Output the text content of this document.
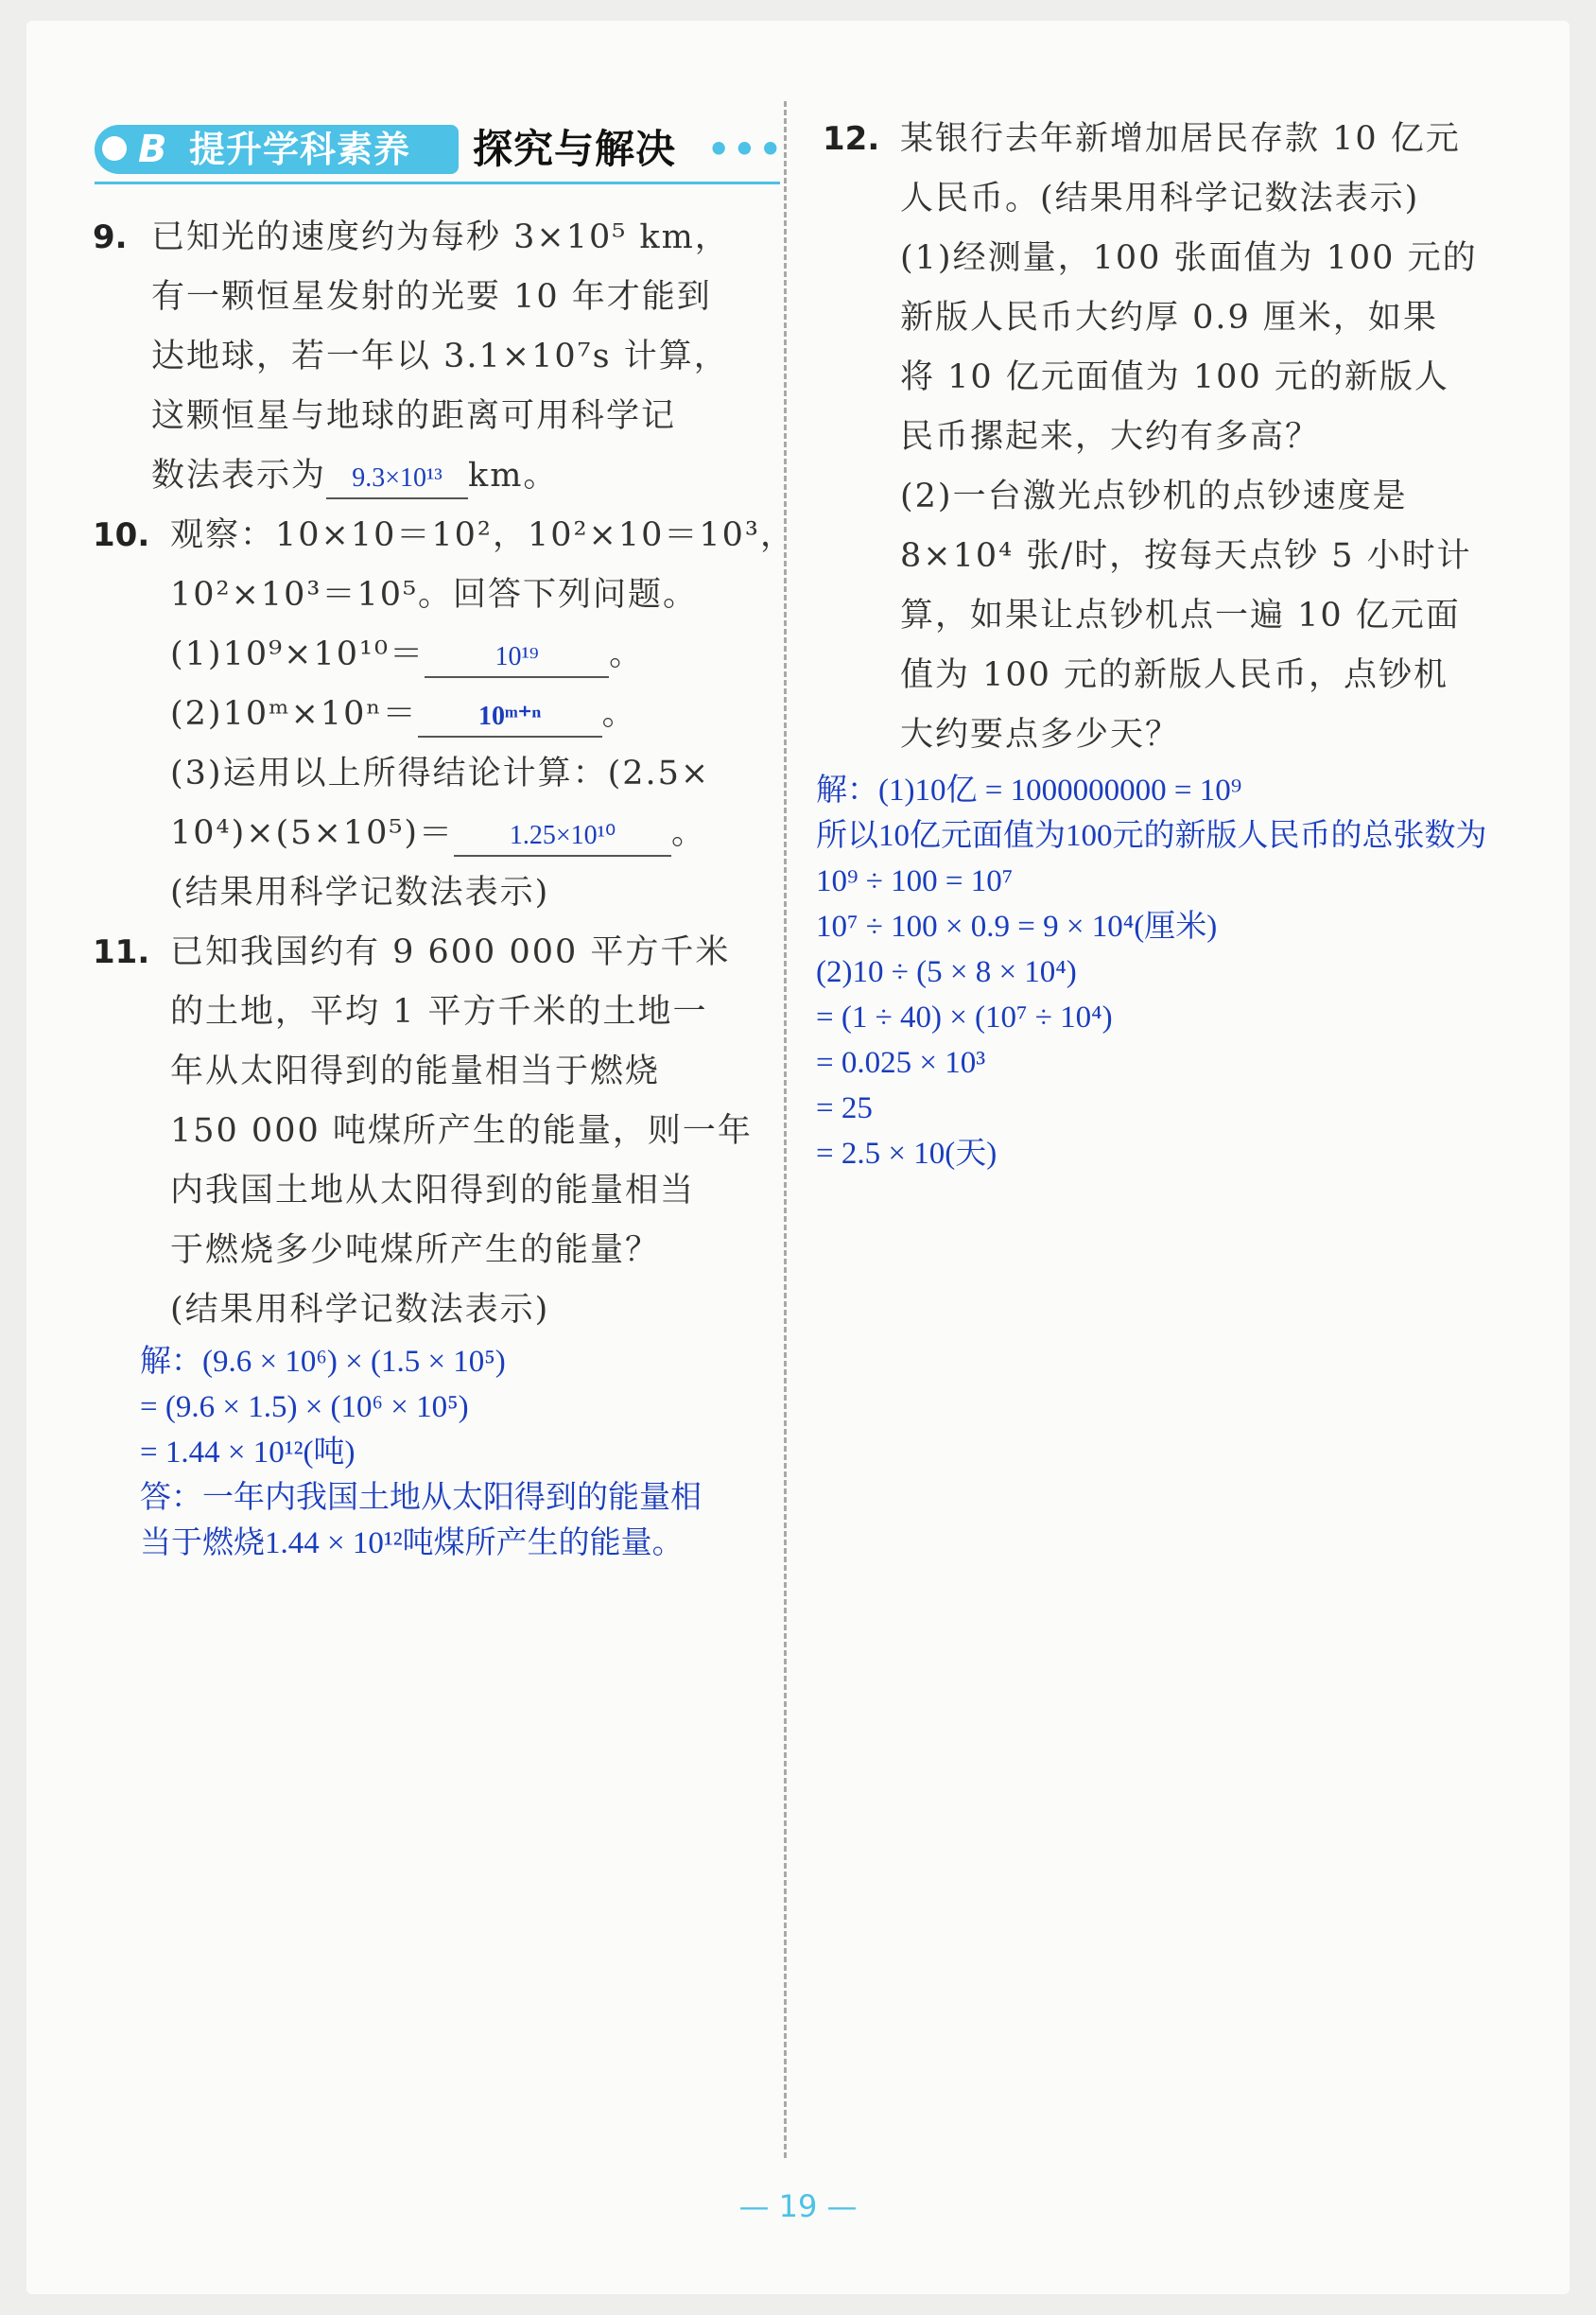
B 提升学科素养 探究与解决 •••
9. 已知光的速度约为每秒 3×10⁵ km，
有一颗恒星发射的光要 10 年才能到
达地球，若一年以 3.1×10⁷s 计算，
这颗恒星与地球的距离可用科学记
数法表示为 9.3×10¹³ km。
10. 观察：10×10＝10²，10²×10＝10³，
10²×10³＝10⁵。回答下列问题。
(1)10⁹×10¹⁰＝	10¹⁹ 。
(2)10ᵐ×10ⁿ＝ 10ᵐ⁺ⁿ 。
(3)运用以上所得结论计算：(2.5×
10⁴)×(5×10⁵)＝ 1.25×10¹⁰ 。
(结果用科学记数法表示)
11. 已知我国约有 9 600 000 平方千米
的土地，平均 1 平方千米的土地一
年从太阳得到的能量相当于燃烧
150 000 吨煤所产生的能量，则一年
内我国土地从太阳得到的能量相当
于燃烧多少吨煤所产生的能量？
(结果用科学记数法表示)
解：(9.6 × 10⁶) × (1.5 × 10⁵)
= (9.6 × 1.5) × (10⁶ × 10⁵)
= 1.44 × 10¹²(吨)
答：一年内我国土地从太阳得到的能量相
当于燃烧1.44 × 10¹²吨煤所产生的能量。
12. 某银行去年新增加居民存款 10 亿元
人民币。(结果用科学记数法表示)
(1)经测量，100 张面值为 100 元的
新版人民币大约厚 0.9 厘米，如果
将 10 亿元面值为 100 元的新版人
民币摞起来，大约有多高？
(2)一台激光点钞机的点钞速度是
8×10⁴ 张/时，按每天点钞 5 小时计
算，如果让点钞机点一遍 10 亿元面
值为 100 元的新版人民币，点钞机
大约要点多少天？
解：(1)10亿 = 1000000000 = 10⁹
所以10亿元面值为100元的新版人民币的总张数为
10⁹ ÷ 100 = 10⁷
10⁷ ÷ 100 × 0.9 = 9 × 10⁴(厘米)
(2)10 ÷ (5 × 8 × 10⁴)
= (1 ÷ 40) × (10⁷ ÷ 10⁴)
= 0.025 × 10³
= 25
= 2.5 × 10(天)
— 19 —
